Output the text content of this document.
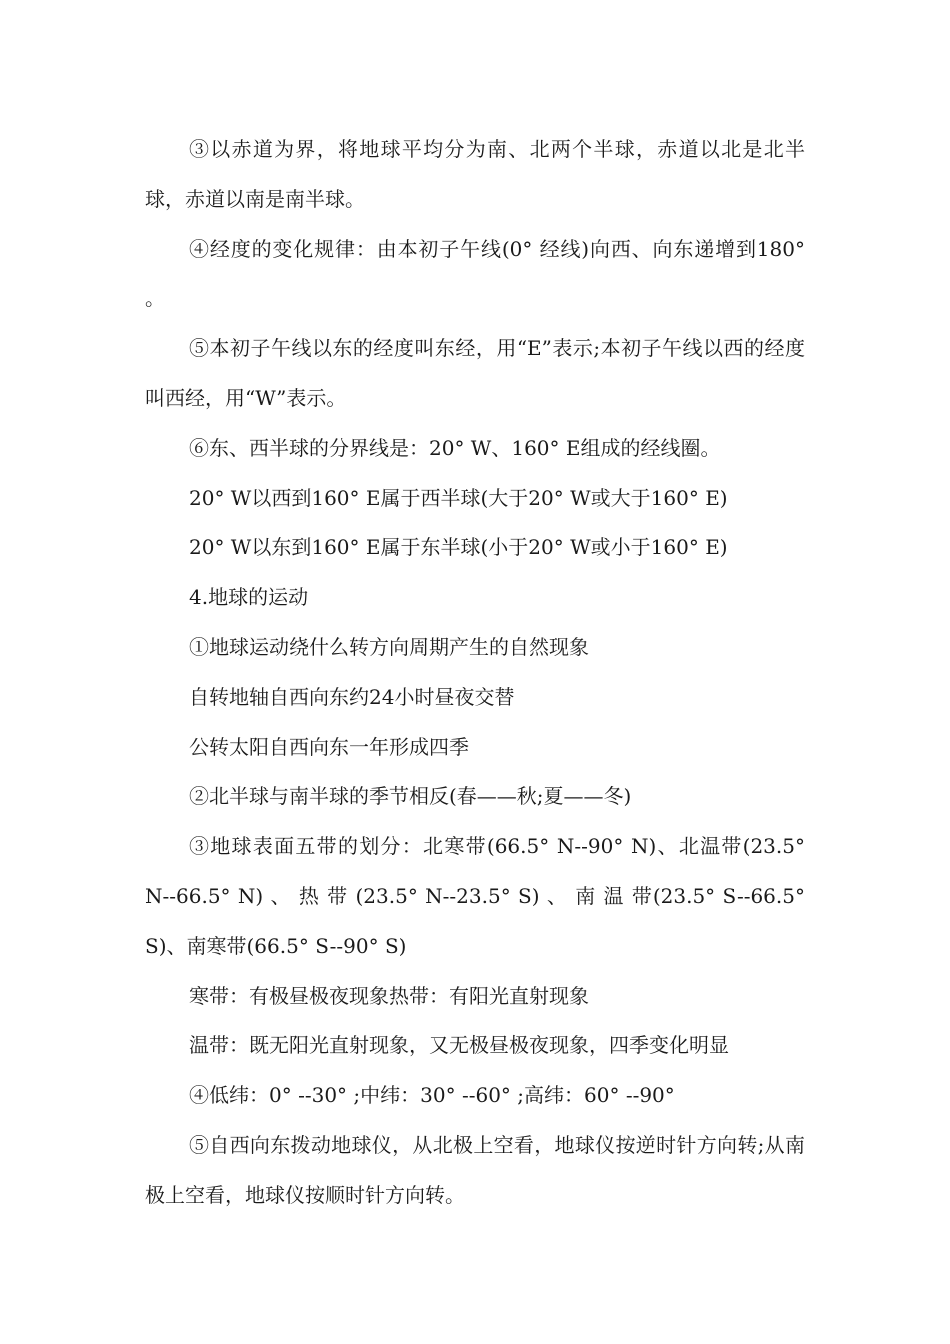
③以赤道为界，将地球平均分为南、北两个半球，赤道以北是北半球，赤道以南是南半球。

④经度的变化规律：由本初子午线(0° 经线)向西、向东递增到180° 。

⑤本初子午线以东的经度叫东经，用“E”表示;本初子午线以西的经度叫西经，用“W”表示。

⑥东、西半球的分界线是：20° W、160° E组成的经线圈。

20° W以西到160° E属于西半球(大于20° W或大于160° E)

20° W以东到160° E属于东半球(小于20° W或小于160° E)

4.地球的运动

①地球运动绕什么转方向周期产生的自然现象

自转地轴自西向东约24小时昼夜交替

公转太阳自西向东一年形成四季

②北半球与南半球的季节相反(春——秋;夏——冬)

③地球表面五带的划分：北寒带(66.5° N--90° N)、北温带(23.5° N--66.5° N) 、 热 带 (23.5° N--23.5° S) 、 南 温 带(23.5° S--66.5° S)、南寒带(66.5° S--90° S)

寒带：有极昼极夜现象热带：有阳光直射现象

温带：既无阳光直射现象，又无极昼极夜现象，四季变化明显

④低纬：0° --30° ;中纬：30° --60° ;高纬：60° --90°

⑤自西向东拨动地球仪，从北极上空看，地球仪按逆时针方向转;从南极上空看，地球仪按顺时针方向转。
